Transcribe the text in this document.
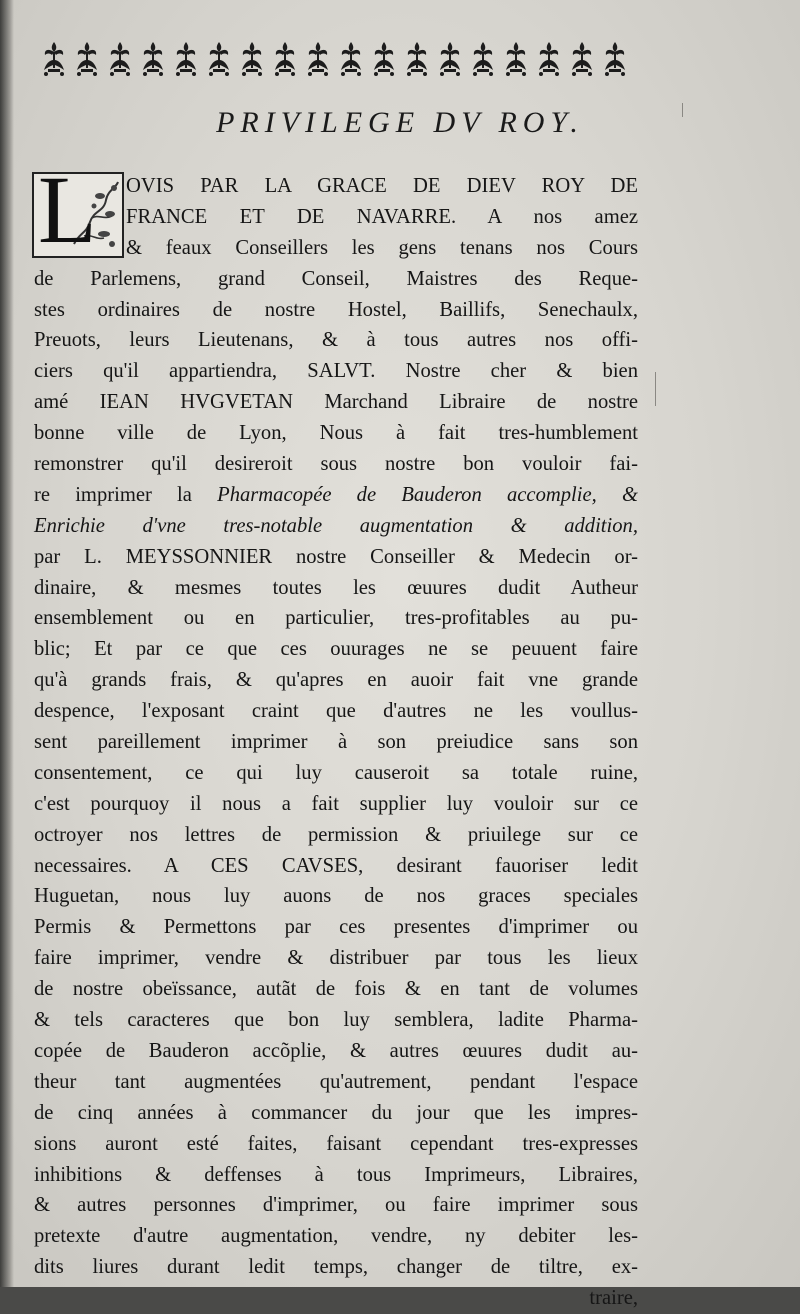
PRIVILEGE DV ROY.
L	OVIS PAR LA GRACE DE DIEV ROY DE
FRANCE ET DE NAVARRE. A nos amez
& feaux Conseillers les gens tenans nos Cours
de Parlemens, grand Conseil, Maistres des Reque-
stes ordinaires de nostre Hostel, Baillifs, Senechaulx,
Preuots, leurs Lieutenans, & à tous autres nos offi-
ciers qu'il appartiendra, SALVT. Nostre cher & bien
amé IEAN HVGVETAN Marchand Libraire de nostre
bonne ville de Lyon, Nous à fait tres-humblement
remonstrer qu'il desireroit sous nostre bon vouloir fai-
re imprimer la Pharmacopée de Bauderon accomplie, &
Enrichie d'vne tres-notable augmentation & addition,
par L. MEYSSONNIER nostre Conseiller & Medecin or-
dinaire, & mesmes toutes les œuures dudit Autheur
ensemblement ou en particulier, tres-profitables au pu-
blic; Et par ce que ces ouurages ne se peuuent faire
qu'à grands frais, & qu'apres en auoir fait vne grande
despence, l'exposant craint que d'autres ne les voullus-
sent pareillement imprimer à son preiudice sans son
consentement, ce qui luy causeroit sa totale ruine,
c'est pourquoy il nous a fait supplier luy vouloir sur ce
octroyer nos lettres de permission & priuilege sur ce
necessaires. A CES CAVSES, desirant fauoriser ledit
Huguetan, nous luy auons de nos graces speciales
Permis & Permettons par ces presentes d'imprimer ou
faire imprimer, vendre & distribuer par tous les lieux
de nostre obeïssance, autãt de fois & en tant de volumes
& tels caracteres que bon luy semblera, ladite Pharma-
copée de Bauderon accõplie, & autres œuures dudit au-
theur tant augmentées qu'autrement, pendant l'espace
de cinq années à commancer du jour que les impres-
sions auront esté faites, faisant cependant tres-expresses
inhibitions & deffenses à tous Imprimeurs, Libraires,
& autres personnes d'imprimer, ou faire imprimer sous
pretexte d'autre augmentation, vendre, ny debiter les-
dits liures durant ledit temps, changer de tiltre, ex-
traire,
